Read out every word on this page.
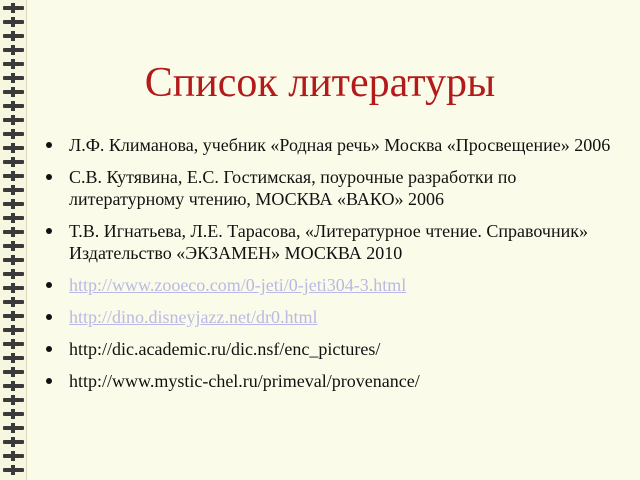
Список литературы
Л.Ф. Климанова, учебник «Родная речь» Москва «Просвещение» 2006
С.В. Кутявина, Е.С. Гостимская, поурочные разработки по литературному чтению, МОСКВА «ВАКО» 2006
Т.В. Игнатьева, Л.Е. Тарасова, «Литературное чтение. Справочник» Издательство «ЭКЗАМЕН» МОСКВА 2010
http://www.zooeco.com/0-jeti/0-jeti304-3.html
http://dino.disneyjazz.net/dr0.html
http://dic.academic.ru/dic.nsf/enc_pictures/
http://www.mystic-chel.ru/primeval/provenance/
